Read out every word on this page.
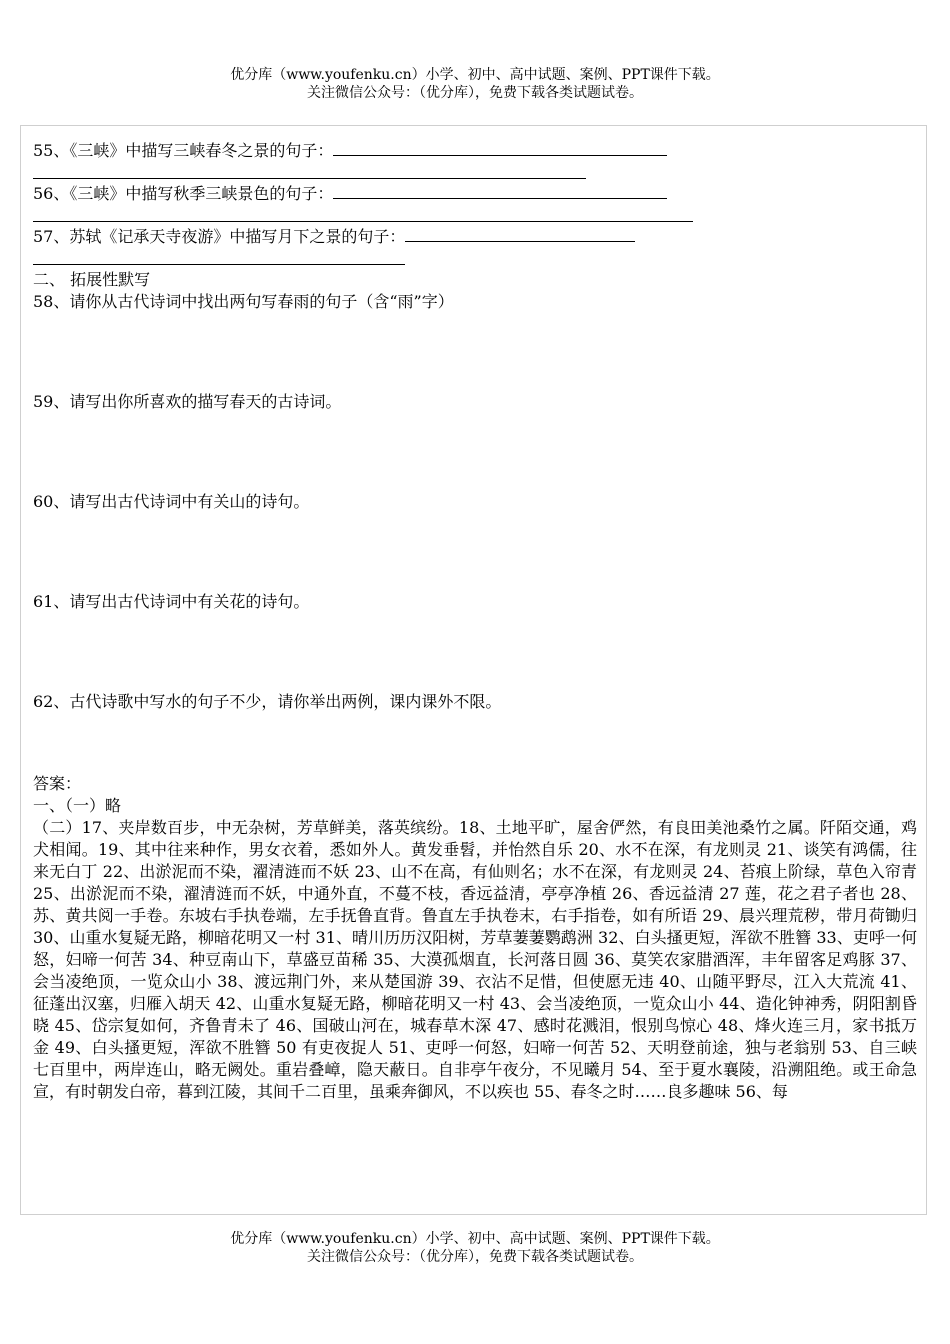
优分库（www.youfenku.cn）小学、初中、高中试题、案例、PPT课件下载。
关注微信公众号：（优分库），免费下载各类试题试卷。
55、《三峡》中描写三峡春冬之景的句子：
56、《三峡》中描写秋季三峡景色的句子：
57、苏轼《记承天寺夜游》中描写月下之景的句子：
二、 拓展性默写
58、请你从古代诗词中找出两句写春雨的句子（含“雨”字）
59、请写出你所喜欢的描写春天的古诗词。
60、请写出古代诗词中有关山的诗句。
61、请写出古代诗词中有关花的诗句。
62、古代诗歌中写水的句子不少，请你举出两例，课内课外不限。
答案：
一、（一）略
（二）17、夹岸数百步，中无杂树，芳草鲜美，落英缤纷。18、土地平旷，屋舍俨然，有良田美池桑竹之属。阡陌交通，鸡犬相闻。19、其中往来种作，男女衣着，悉如外人。黄发垂髫，并怡然自乐 20、水不在深，有龙则灵 21、谈笑有鸿儒，往来无白丁 22、出淤泥而不染，濯清涟而不妖 23、山不在高，有仙则名；水不在深，有龙则灵 24、苔痕上阶绿，草色入帘青 25、出淤泥而不染，濯清涟而不妖，中通外直，不蔓不枝，香远益清，亭亭净植 26、香远益清 27 莲，花之君子者也 28、苏、黄共阅一手卷。东坡右手执卷端，左手抚鲁直背。鲁直左手执卷末，右手指卷，如有所语 29、晨兴理荒秽，带月荷锄归 30、山重水复疑无路，柳暗花明又一村 31、晴川历历汉阳树，芳草萋萋鹦鹉洲 32、白头搔更短，浑欲不胜簪 33、吏呼一何怒，妇啼一何苦 34、种豆南山下，草盛豆苗稀 35、大漠孤烟直，长河落日圆 36、莫笑农家腊酒浑，丰年留客足鸡豚 37、会当凌绝顶，一览众山小 38、渡远荆门外，来从楚国游 39、衣沾不足惜，但使愿无违 40、山随平野尽，江入大荒流 41、征蓬出汉塞，归雁入胡天 42、山重水复疑无路，柳暗花明又一村 43、会当凌绝顶，一览众山小 44、造化钟神秀，阴阳割昏晓 45、岱宗复如何，齐鲁青未了 46、国破山河在，城春草木深 47、感时花溅泪，恨别鸟惊心 48、烽火连三月，家书抵万金 49、白头搔更短，浑欲不胜簪 50 有吏夜捉人 51、吏呼一何怒，妇啼一何苦 52、天明登前途，独与老翁别 53、自三峡七百里中，两岸连山，略无阙处。重岩叠嶂，隐天蔽日。自非亭午夜分，不见曦月 54、至于夏水襄陵，沿溯阻绝。或王命急宣，有时朝发白帝，暮到江陵，其间千二百里，虽乘奔御风，不以疾也 55、春冬之时……良多趣味 56、每
优分库（www.youfenku.cn）小学、初中、高中试题、案例、PPT课件下载。
关注微信公众号：（优分库），免费下载各类试题试卷。
